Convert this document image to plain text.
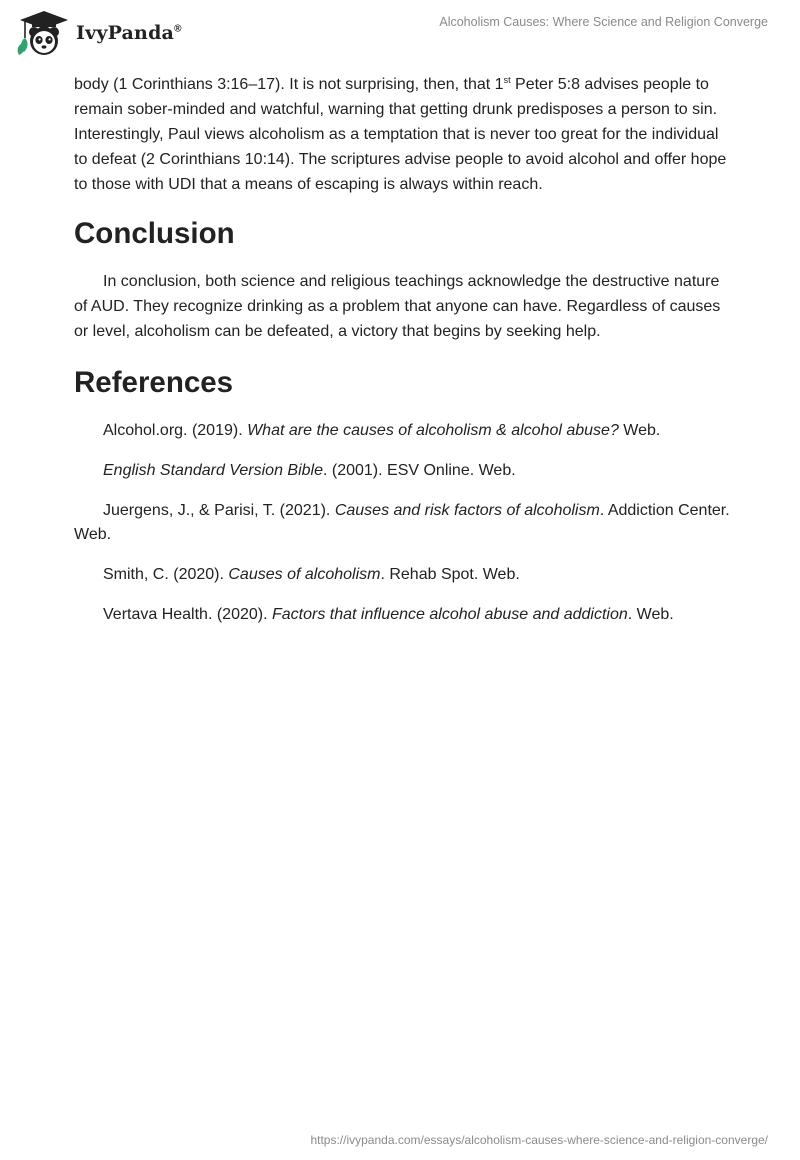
IvyPanda®
Alcoholism Causes: Where Science and Religion Converge

body (1 Corinthians 3:16–17). It is not surprising, then, that 1st Peter 5:8 advises people to remain sober-minded and watchful, warning that getting drunk predisposes a person to sin. Interestingly, Paul views alcoholism as a temptation that is never too great for the individual to defeat (2 Corinthians 10:14). The scriptures advise people to avoid alcohol and offer hope to those with UDI that a means of escaping is always within reach.

Conclusion

In conclusion, both science and religious teachings acknowledge the destructive nature of AUD. They recognize drinking as a problem that anyone can have. Regardless of causes or level, alcoholism can be defeated, a victory that begins by seeking help.

References

Alcohol.org. (2019). What are the causes of alcoholism & alcohol abuse? Web.

English Standard Version Bible. (2001). ESV Online. Web.

Juergens, J., & Parisi, T. (2021). Causes and risk factors of alcoholism. Addiction Center. Web.

Smith, C. (2020). Causes of alcoholism. Rehab Spot. Web.

Vertava Health. (2020). Factors that influence alcohol abuse and addiction. Web.

https://ivypanda.com/essays/alcoholism-causes-where-science-and-religion-converge/
